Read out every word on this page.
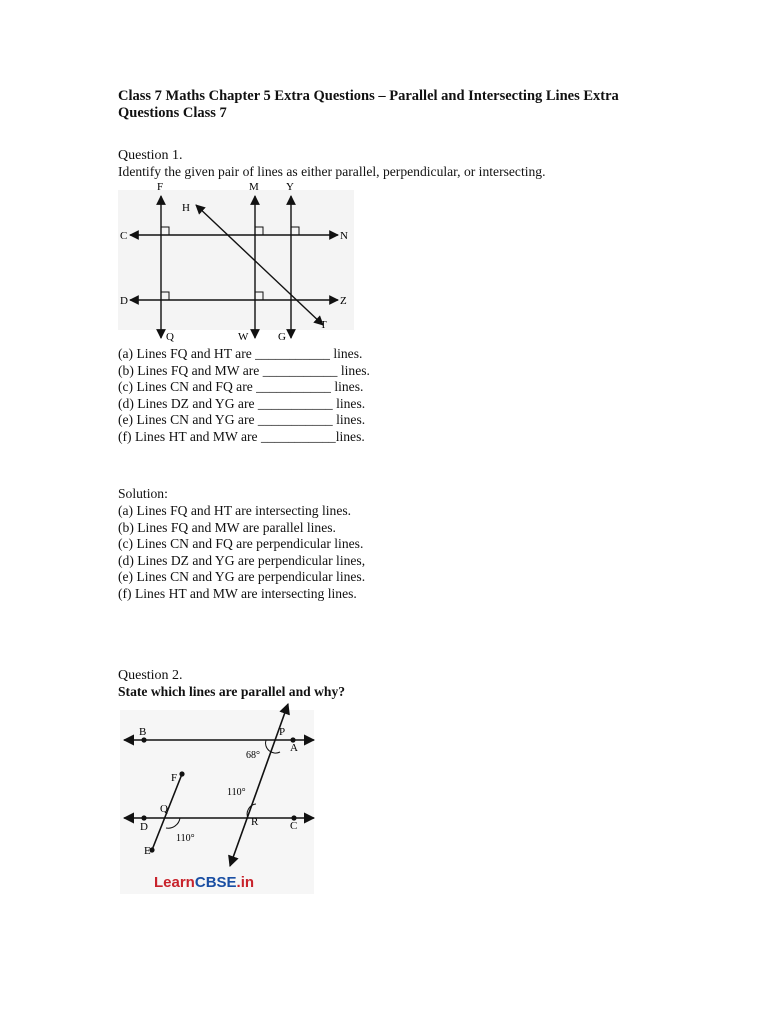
Class 7 Maths Chapter 5 Extra Questions – Parallel and Intersecting Lines Extra Questions Class 7
Question 1.
Identify the given pair of lines as either parallel, perpendicular, or intersecting.
F	M Y
H
C	N
D	Z
T
Q	W	G
(a) Lines FQ and HT are ___________ lines.
(b) Lines FQ and MW are ___________ lines.
(c) Lines CN and FQ are ___________ lines.
(d) Lines DZ and YG are ___________ lines.
(e) Lines CN and YG are ___________ lines.
(f) Lines HT and MW are ___________lines.
Solution:
(a) Lines FQ and HT are intersecting lines.
(b) Lines FQ and MW are parallel lines.
(c) Lines CN and FQ are perpendicular lines.
(d) Lines DZ and YG are perpendicular lines,
(e) Lines CN and YG are perpendicular lines.
(f) Lines HT and MW are intersecting lines.
Question 2.
State which lines are parallel and why?
B	P
A
68°
F
110°
Q
D	R	C
110°
E
LearnCBSE.in
